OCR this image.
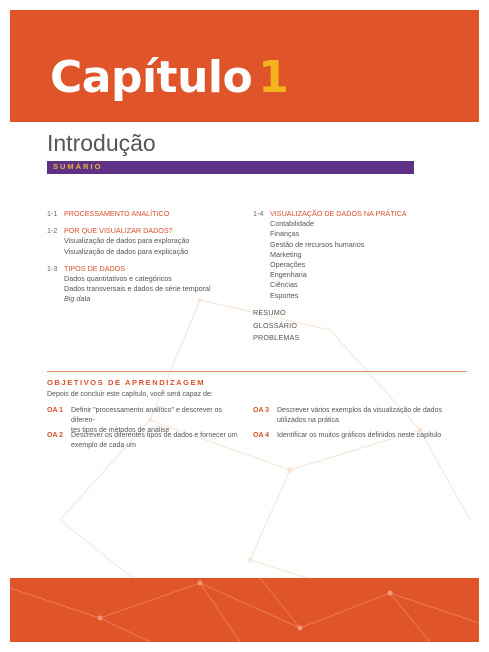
Capítulo 1
Introdução
SUMÁRIO
1-1 PROCESSAMENTO ANALÍTICO
1-2 POR QUE VISUALIZAR DADOS?
Visualização de dados para exploração
Visualização de dados para explicação
1-3 TIPOS DE DADOS
Dados quantitativos e categóricos
Dados transversais e dados de série temporal
Big data
1-4 VISUALIZAÇÃO DE DADOS NA PRÁTICA
Contabilidade
Finanças
Gestão de recursos humanos
Marketing
Operações
Engenharia
Ciências
Esportes
RESUMO
GLOSSÁRIO
PROBLEMAS
OBJETIVOS DE APRENDIZAGEM
Depois de concluir este capítulo, você será capaz de:
OA 1	Definir "processamento analítico" e descrever os diferen-
tes tipos de métodos de análise
OA 2	Descrever os diferentes tipos de dados e fornecer um
exemplo de cada um
OA 3	Descrever vários exemplos da visualização de dados
utilizados na prática
OA 4	Identificar os muitos gráficos definidos neste capítulo
